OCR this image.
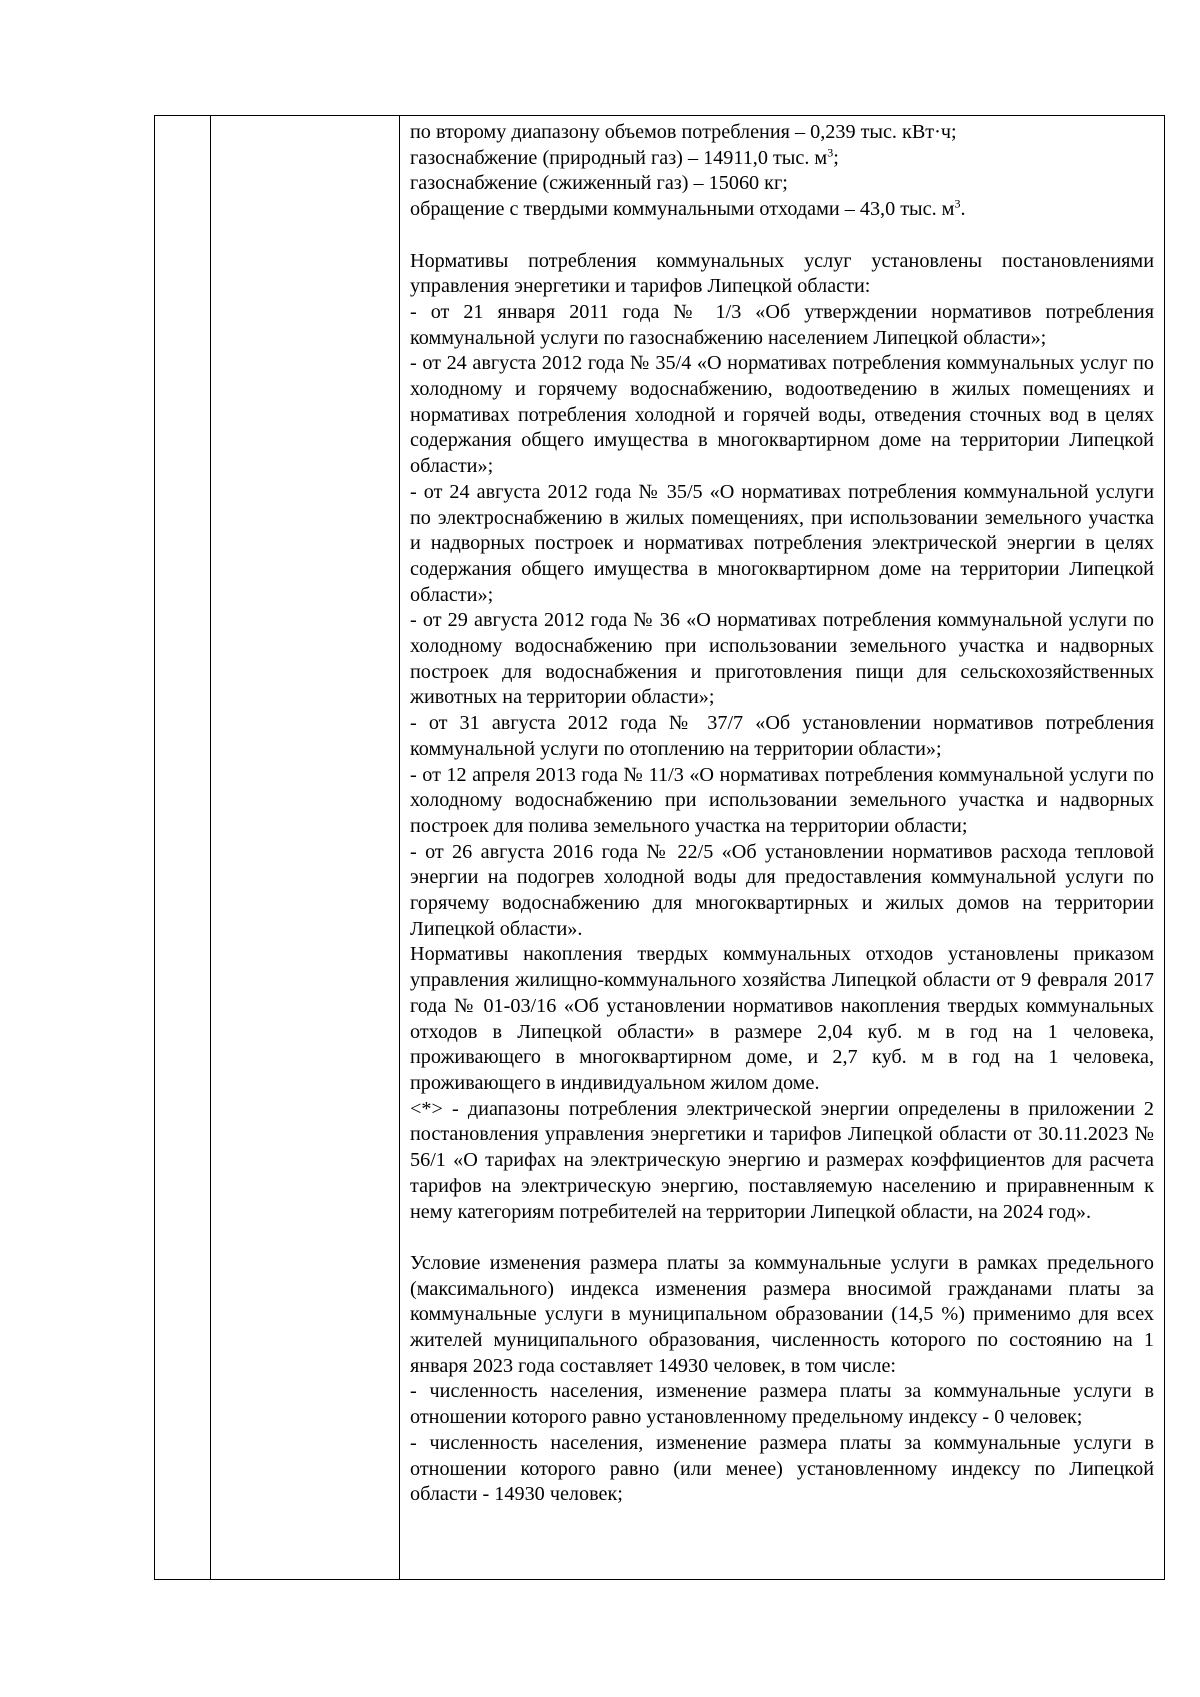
по второму диапазону объемов потребления – 0,239 тыс. кВт·ч;

газоснабжение (природный газ) – 14911,0 тыс. $м^3$;

газоснабжение (сжиженный газ) – 15060 кг;

обращение с твердыми коммунальными отходами – 43,0 тыс. $м^3$.

Нормативы потребления коммунальных услуг установлены постановлениями управления энергетики и тарифов Липецкой области:

- от 21 января 2011 года № 1/3 «Об утверждении нормативов потребления коммунальной услуги по газоснабжению населением Липецкой области»;

- от 24 августа 2012 года № 35/4 «О нормативах потребления коммунальных услуг по холодному и горячему водоснабжению, водоотведению в жилых помещениях и нормативах потребления холодной и горячей воды, отведения сточных вод в целях содержания общего имущества в многоквартирном доме на территории Липецкой области»;

- от 24 августа 2012 года № 35/5 «О нормативах потребления коммунальной услуги по электроснабжению в жилых помещениях, при использовании земельного участка и надворных построек и нормативах потребления электрической энергии в целях содержания общего имущества в многоквартирном доме на территории Липецкой области»;

- от 29 августа 2012 года № 36 «О нормативах потребления коммунальной услуги по холодному водоснабжению при использовании земельного участка и надворных построек для водоснабжения и приготовления пищи для сельскохозяйственных животных на территории области»;

- от 31 августа 2012 года № 37/7 «Об установлении нормативов потребления коммунальной услуги по отоплению на территории области»;

- от 12 апреля 2013 года № 11/3 «О нормативах потребления коммунальной услуги по холодному водоснабжению при использовании земельного участка и надворных построек для полива земельного участка на территории области;

- от 26 августа 2016 года № 22/5 «Об установлении нормативов расхода тепловой энергии на подогрев холодной воды для предоставления коммунальной услуги по горячему водоснабжению для многоквартирных и жилых домов на территории Липецкой области».

Нормативы накопления твердых коммунальных отходов установлены приказом управления жилищно-коммунального хозяйства Липецкой области от 9 февраля 2017 года № 01-03/16 «Об установлении нормативов накопления твердых коммунальных отходов в Липецкой области» в размере 2,04 куб. м в год на 1 человека, проживающего в многоквартирном доме, и 2,7 куб. м в год на 1 человека, проживающего в индивидуальном жилом доме.

<*> - диапазоны потребления электрической энергии определены в приложении 2 постановления управления энергетики и тарифов Липецкой области от 30.11.2023 № 56/1 «О тарифах на электрическую энергию и размерах коэффициентов для расчета тарифов на электрическую энергию, поставляемую населению и приравненным к нему категориям потребителей на территории Липецкой области, на 2024 год».

Условие изменения размера платы за коммунальные услуги в рамках предельного (максимального) индекса изменения размера вносимой гражданами платы за коммунальные услуги в муниципальном образовании (14,5 %) применимо для всех жителей муниципального образования, численность которого по состоянию на 1 января 2023 года составляет 14930 человек, в том числе:

- численность населения, изменение размера платы за коммунальные услуги в отношении которого равно установленному предельному индексу - 0 человек;

- численность населения, изменение размера платы за коммунальные услуги в отношении которого равно (или менее) установленному индексу по Липецкой области - 14930 человек;
